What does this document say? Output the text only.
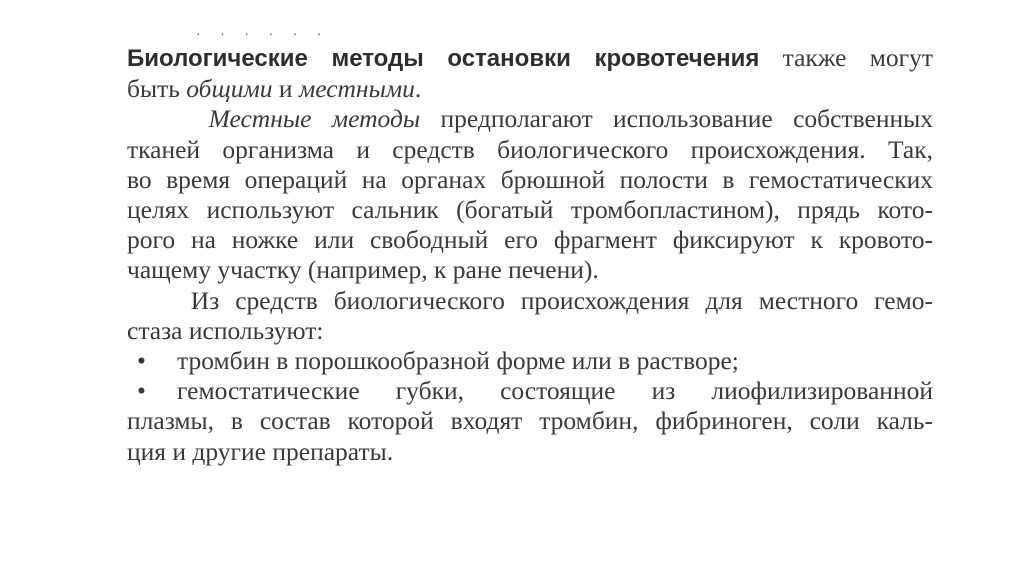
· · · · · ·
Биологические методы остановки кровотечения также могут
быть общими и местными.
Местные методы предполагают использование собственных
тканей организма и средств биологического происхождения. Так,
во время операций на органах брюшной полости в гемостатических
целях используют сальник (богатый тромбопластином), прядь кото-
рого на ножке или свободный его фрагмент фиксируют к кровото-
чащему участку (например, к ране печени).
Из средств биологического происхождения для местного гемо-
стаза используют:
• тромбин в порошкообразной форме или в растворе;
• гемостатические губки, состоящие из лиофилизированной
плазмы, в состав которой входят тромбин, фибриноген, соли каль-
ция и другие препараты.
